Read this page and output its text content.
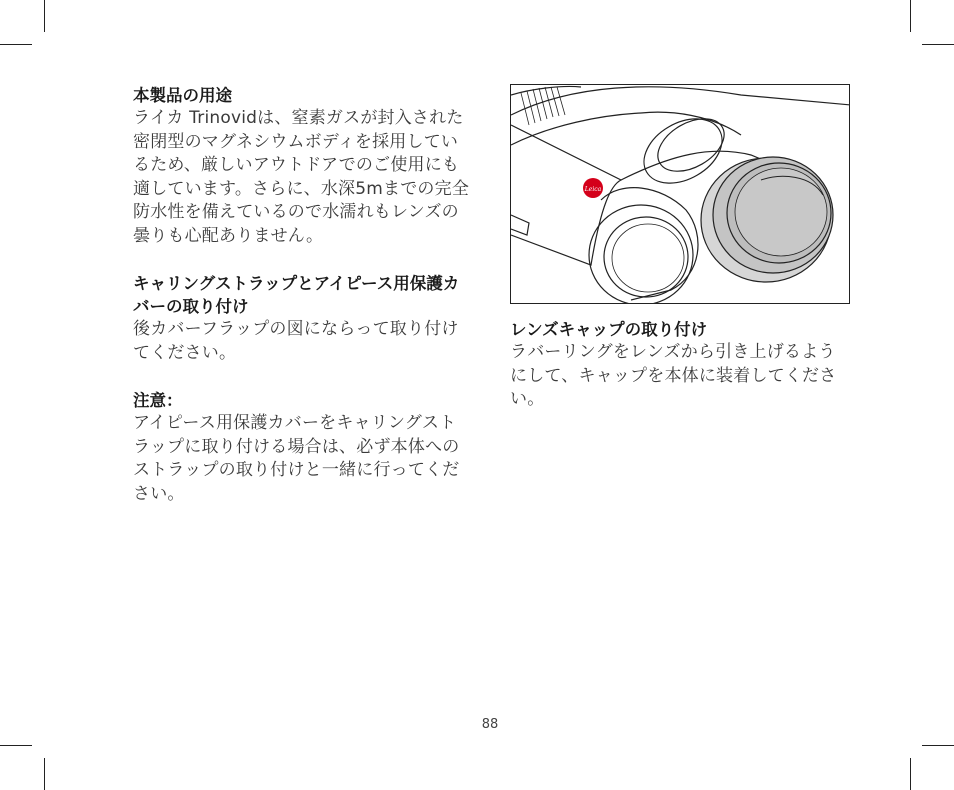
本製品の用途

ライカ Trinovidは、窒素ガスが封入された密閉型のマグネシウムボディを採用しているため、厳しいアウトドアでのご使用にも適しています。さらに、水深5mまでの完全防水性を備えているので水濡れもレンズの曇りも心配ありません。

キャリングストラップとアイピース用保護カバーの取り付け

後カバーフラップの図にならって取り付けてください。

注意：

アイピース用保護カバーをキャリングストラップに取り付ける場合は、必ず本体へのストラップの取り付けと一緒に行ってください。

Leica

レンズキャップの取り付け

ラバーリングをレンズから引き上げるようにして、キャップを本体に装着してください。

88
